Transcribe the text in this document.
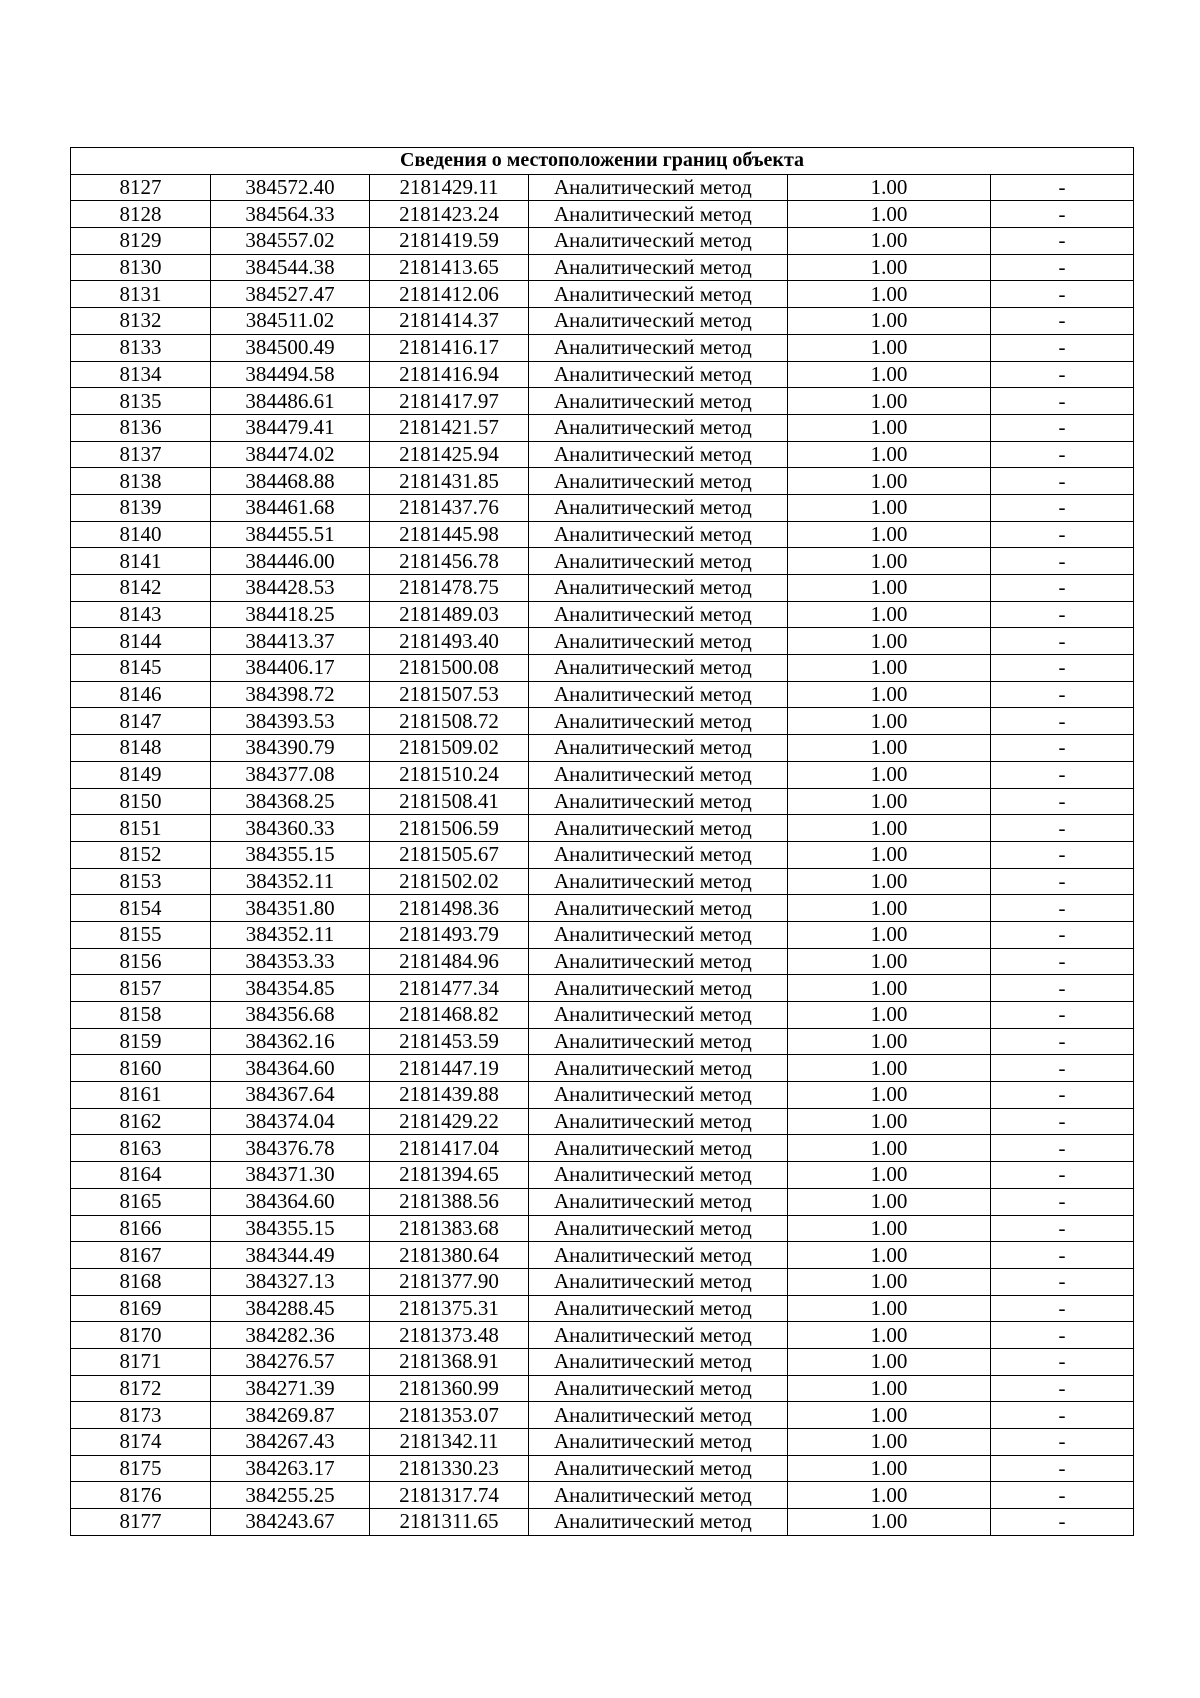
Сведения о местоположении границ объекта					
8127	384572.40	2181429.11	Аналитический метод	1.00	-
8128	384564.33	2181423.24	Аналитический метод	1.00	-
8129	384557.02	2181419.59	Аналитический метод	1.00	-
8130	384544.38	2181413.65	Аналитический метод	1.00	-
8131	384527.47	2181412.06	Аналитический метод	1.00	-
8132	384511.02	2181414.37	Аналитический метод	1.00	-
8133	384500.49	2181416.17	Аналитический метод	1.00	-
8134	384494.58	2181416.94	Аналитический метод	1.00	-
8135	384486.61	2181417.97	Аналитический метод	1.00	-
8136	384479.41	2181421.57	Аналитический метод	1.00	-
8137	384474.02	2181425.94	Аналитический метод	1.00	-
8138	384468.88	2181431.85	Аналитический метод	1.00	-
8139	384461.68	2181437.76	Аналитический метод	1.00	-
8140	384455.51	2181445.98	Аналитический метод	1.00	-
8141	384446.00	2181456.78	Аналитический метод	1.00	-
8142	384428.53	2181478.75	Аналитический метод	1.00	-
8143	384418.25	2181489.03	Аналитический метод	1.00	-
8144	384413.37	2181493.40	Аналитический метод	1.00	-
8145	384406.17	2181500.08	Аналитический метод	1.00	-
8146	384398.72	2181507.53	Аналитический метод	1.00	-
8147	384393.53	2181508.72	Аналитический метод	1.00	-
8148	384390.79	2181509.02	Аналитический метод	1.00	-
8149	384377.08	2181510.24	Аналитический метод	1.00	-
8150	384368.25	2181508.41	Аналитический метод	1.00	-
8151	384360.33	2181506.59	Аналитический метод	1.00	-
8152	384355.15	2181505.67	Аналитический метод	1.00	-
8153	384352.11	2181502.02	Аналитический метод	1.00	-
8154	384351.80	2181498.36	Аналитический метод	1.00	-
8155	384352.11	2181493.79	Аналитический метод	1.00	-
8156	384353.33	2181484.96	Аналитический метод	1.00	-
8157	384354.85	2181477.34	Аналитический метод	1.00	-
8158	384356.68	2181468.82	Аналитический метод	1.00	-
8159	384362.16	2181453.59	Аналитический метод	1.00	-
8160	384364.60	2181447.19	Аналитический метод	1.00	-
8161	384367.64	2181439.88	Аналитический метод	1.00	-
8162	384374.04	2181429.22	Аналитический метод	1.00	-
8163	384376.78	2181417.04	Аналитический метод	1.00	-
8164	384371.30	2181394.65	Аналитический метод	1.00	-
8165	384364.60	2181388.56	Аналитический метод	1.00	-
8166	384355.15	2181383.68	Аналитический метод	1.00	-
8167	384344.49	2181380.64	Аналитический метод	1.00	-
8168	384327.13	2181377.90	Аналитический метод	1.00	-
8169	384288.45	2181375.31	Аналитический метод	1.00	-
8170	384282.36	2181373.48	Аналитический метод	1.00	-
8171	384276.57	2181368.91	Аналитический метод	1.00	-
8172	384271.39	2181360.99	Аналитический метод	1.00	-
8173	384269.87	2181353.07	Аналитический метод	1.00	-
8174	384267.43	2181342.11	Аналитический метод	1.00	-
8175	384263.17	2181330.23	Аналитический метод	1.00	-
8176	384255.25	2181317.74	Аналитический метод	1.00	-
8177	384243.67	2181311.65	Аналитический метод	1.00	-
